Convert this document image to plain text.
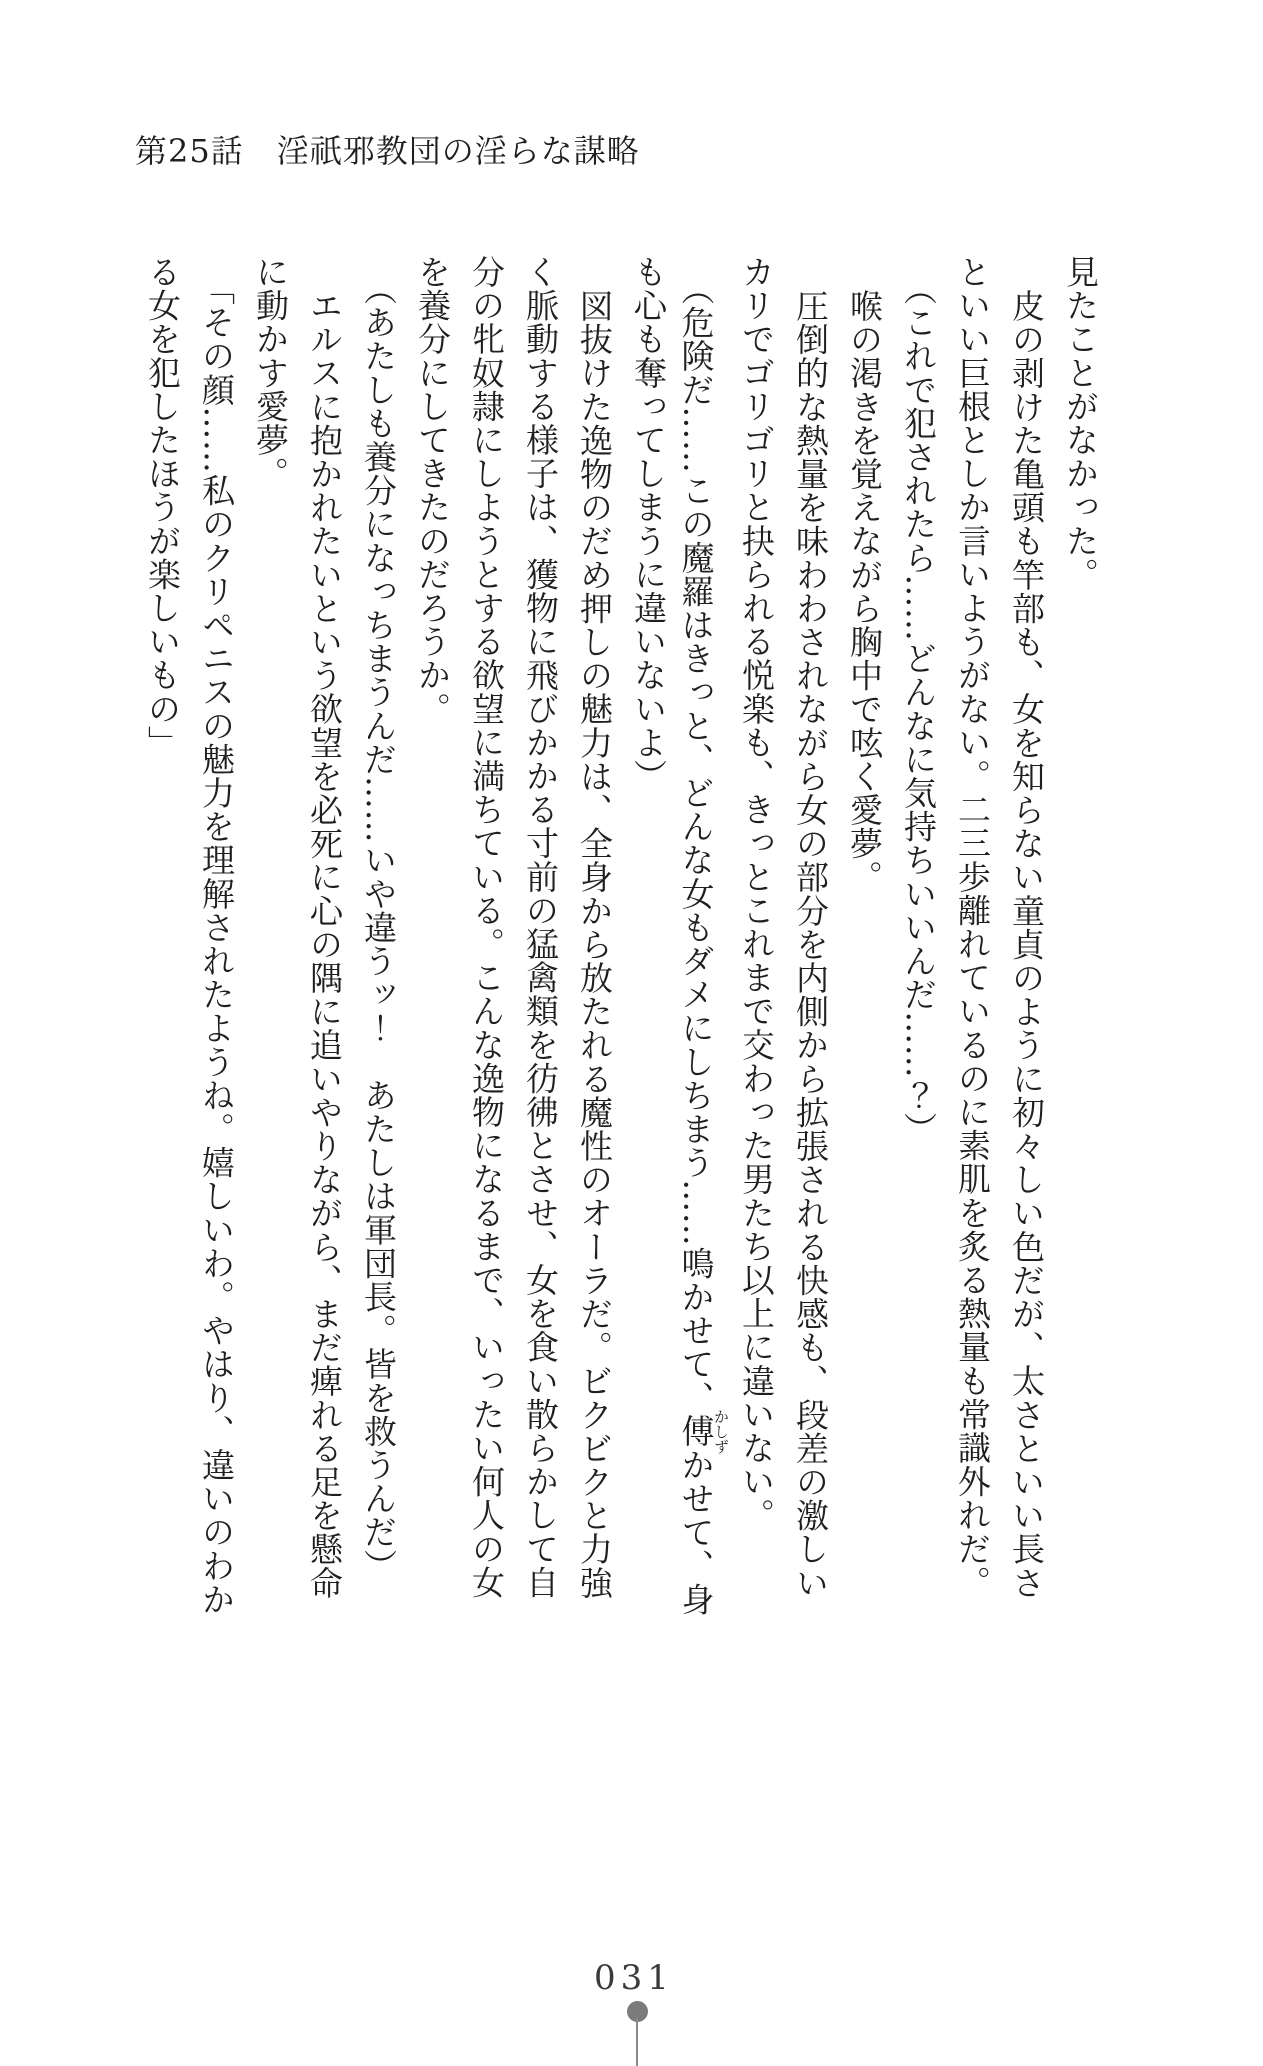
第25話　淫祇邪教団の淫らな謀略
見たことがなかった。
皮の剥けた亀頭も竿部も、女を知らない童貞のように初々しい色だが、太さといい長さ
といい巨根としか言いようがない。二三歩離れているのに素肌を炙る熱量も常識外れだ。
（これで犯されたら……どんなに気持ちいいんだ……？）
喉の渇きを覚えながら胸中で呟く愛夢。
圧倒的な熱量を味わわされながら女の部分を内側から拡張される快感も、段差の激しい
カリでゴリゴリと抉られる悦楽も、きっとこれまで交わった男たち以上に違いない。
（危険だ……この魔羅はきっと、どんな女もダメにしちまう……鳴かせて、傅かしずかせて、身
も心も奪ってしまうに違いないよ）
図抜けた逸物のだめ押しの魅力は、全身から放たれる魔性のオーラだ。ビクビクと力強
く脈動する様子は、獲物に飛びかかる寸前の猛禽類を彷彿とさせ、女を食い散らかして自
分の牝奴隷にしようとする欲望に満ちている。こんな逸物になるまで、いったい何人の女
を養分にしてきたのだろうか。
（あたしも養分になっちまうんだ……いや違うッ！　あたしは軍団長。皆を救うんだ）
エルスに抱かれたいという欲望を必死に心の隅に追いやりながら、まだ痺れる足を懸命
に動かす愛夢。
「その顔……私のクリペニスの魅力を理解されたようね。嬉しいわ。やはり、違いのわか
る女を犯したほうが楽しいもの」
031
